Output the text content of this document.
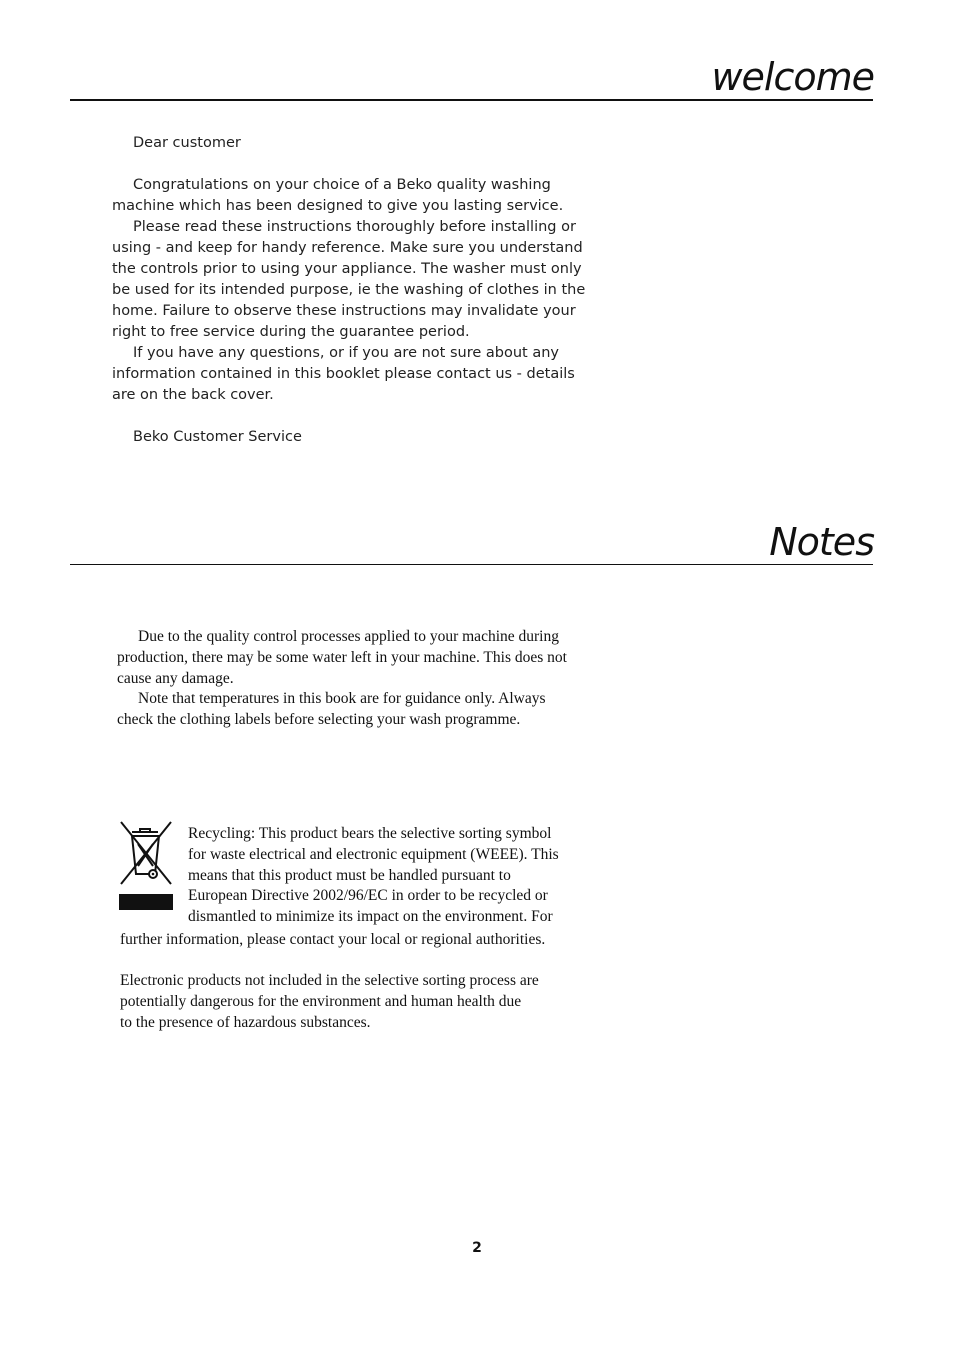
welcome

Dear customer

Congratulations on your choice of a Beko quality washing machine which has been designed to give you lasting service.

Please read these instructions thoroughly before installing or using - and keep for handy reference. Make sure you understand the controls prior to using your appliance. The washer must only be used for its intended purpose, ie the washing of clothes in the home. Failure to observe these instructions may invalidate your right to free service during the guarantee period.

If you have any questions, or if you are not sure about any information contained in this booklet please contact us - details are on the back cover.

Beko Customer Service

Notes

Due to the quality control processes applied to your machine during production, there may be some water left in your machine. This does not cause any damage.

Note that temperatures in this book are for guidance only. Always check the clothing labels before selecting your wash programme.

Recycling: This product bears the selective sorting symbol

for waste electrical and electronic equipment (WEEE). This

means that this product must be handled pursuant to

European Directive 2002/96/EC in order to be recycled or

dismantled to minimize its impact on the environment. For

further information, please contact your local or regional authorities.

Electronic products not included in the selective sorting process are

potentially dangerous for the environment and human health due

to the presence of hazardous substances.

2
